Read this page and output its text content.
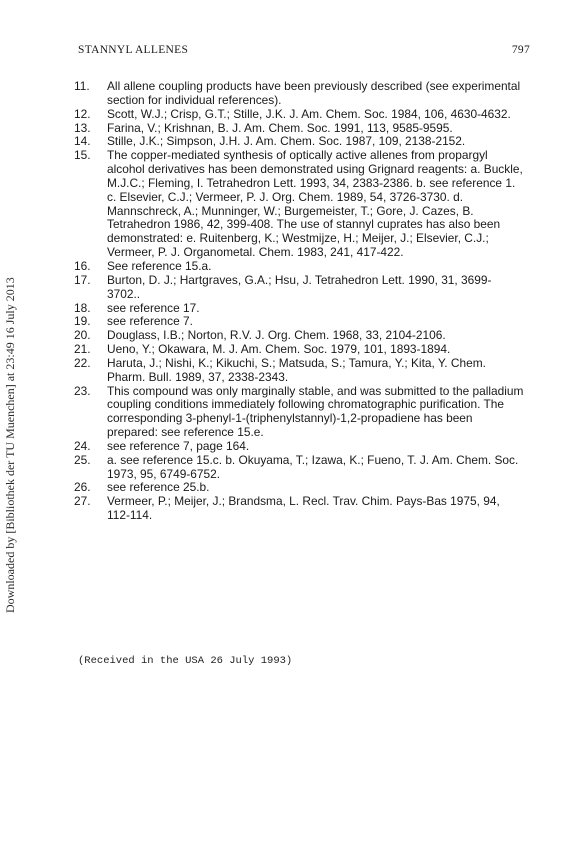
STANNYL ALLENES	797
Downloaded by [Bibliothek der TU Muenchen] at 23:49 16 July 2013
11.	All allene coupling products have been previously described (see experimental section for individual references).
12.	Scott, W.J.; Crisp, G.T.; Stille, J.K. J. Am. Chem. Soc. 1984, 106, 4630-4632.
13.	Farina, V.; Krishnan, B. J. Am. Chem. Soc. 1991, 113, 9585-9595.
14.	Stille, J.K.; Simpson, J.H. J. Am. Chem. Soc. 1987, 109, 2138-2152.
15.	The copper-mediated synthesis of optically active allenes from propargyl alcohol derivatives has been demonstrated using Grignard reagents: a. Buckle, M.J.C.; Fleming, I. Tetrahedron Lett. 1993, 34, 2383-2386. b. see reference 1. c. Elsevier, C.J.; Vermeer, P. J. Org. Chem. 1989, 54, 3726-3730. d. Mannschreck, A.; Munninger, W.; Burgemeister, T.; Gore, J. Cazes, B. Tetrahedron 1986, 42, 399-408. The use of stannyl cuprates has also been demonstrated: e. Ruitenberg, K.; Westmijze, H.; Meijer, J.; Elsevier, C.J.; Vermeer, P. J. Organometal. Chem. 1983, 241, 417-422.
16.	See reference 15.a.
17.	Burton, D. J.; Hartgraves, G.A.; Hsu, J. Tetrahedron Lett. 1990, 31, 3699-3702..
18.	see reference 17.
19.	see reference 7.
20.	Douglass, I.B.; Norton, R.V. J. Org. Chem. 1968, 33, 2104-2106.
21.	Ueno, Y.; Okawara, M. J. Am. Chem. Soc. 1979, 101, 1893-1894.
22.	Haruta, J.; Nishi, K.; Kikuchi, S.; Matsuda, S.; Tamura, Y.; Kita, Y. Chem. Pharm. Bull. 1989, 37, 2338-2343.
23.	This compound was only marginally stable, and was submitted to the palladium coupling conditions immediately following chromatographic purification. The corresponding 3-phenyl-1-(triphenylstannyl)-1,2-propadiene has been prepared: see reference 15.e.
24.	see reference 7, page 164.
25.	a. see reference 15.c. b. Okuyama, T.; Izawa, K.; Fueno, T. J. Am. Chem. Soc. 1973, 95, 6749-6752.
26.	see reference 25.b.
27.	Vermeer, P.; Meijer, J.; Brandsma, L. Recl. Trav. Chim. Pays-Bas 1975, 94, 112-114.
(Received in the USA 26 July 1993)
